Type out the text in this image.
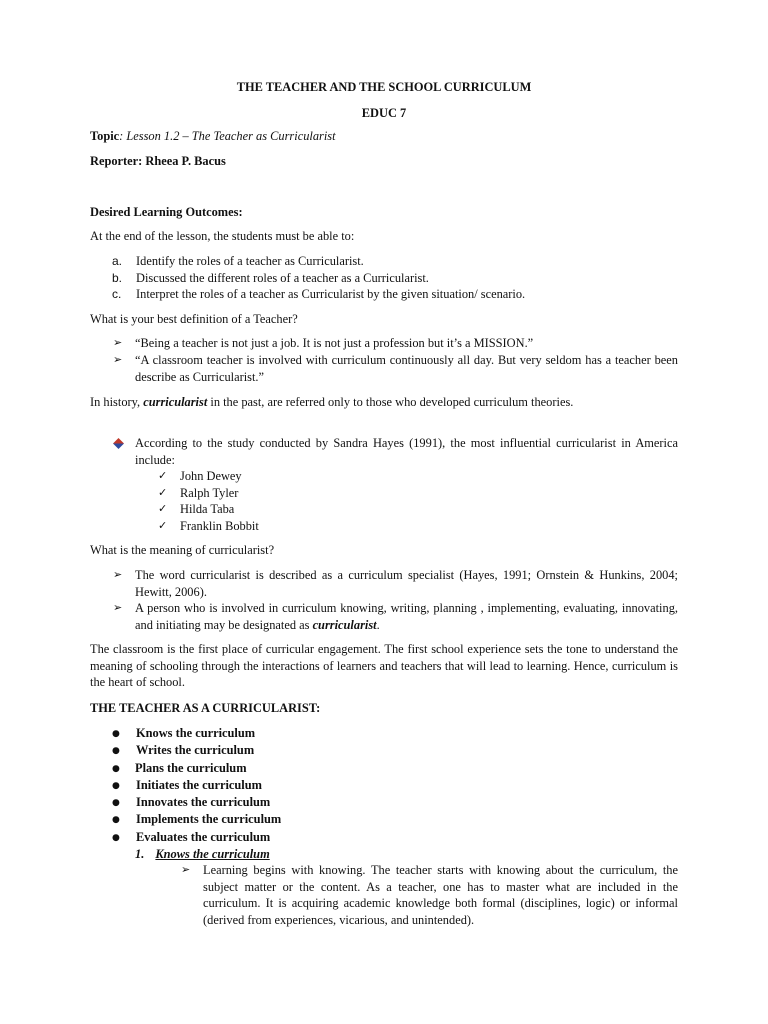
THE TEACHER AND THE SCHOOL CURRICULUM
EDUC 7
Topic: Lesson 1.2 – The Teacher as Curricularist
Reporter: Rheea P. Bacus
Desired Learning Outcomes:
At the end of the lesson, the students must be able to:
a. Identify the roles of a teacher as Curricularist.
b. Discussed the different roles of a teacher as a Curricularist.
c. Interpret the roles of a teacher as Curricularist by the given situation/ scenario.
What is your best definition of a Teacher?
➢ “Being a teacher is not just a job. It is not just a profession but it’s a MISSION.”
➢ “A classroom teacher is involved with curriculum continuously all day. But very seldom has a teacher been describe as Curricularist.”
In history, curricularist in the past, are referred only to those who developed curriculum theories.
According to the study conducted by Sandra Hayes (1991), the most influential curricularist in America include:
✓ John Dewey
✓ Ralph Tyler
✓ Hilda Taba
✓ Franklin Bobbit
What is the meaning of curricularist?
➢ The word curricularist is described as a curriculum specialist (Hayes, 1991; Ornstein & Hunkins, 2004; Hewitt, 2006).
➢ A person who is involved in curriculum knowing, writing, planning , implementing, evaluating, innovating, and initiating may be designated as curricularist.
The classroom is the first place of curricular engagement. The first school experience sets the tone to understand the meaning of schooling through the interactions of learners and teachers that will lead to learning. Hence, curriculum is the heart of school.
THE TEACHER AS A CURRICULARIST:
● Knows the curriculum
● Writes the curriculum
● Plans the curriculum
● Initiates the curriculum
● Innovates the curriculum
● Implements the curriculum
● Evaluates the curriculum
1. Knows the curriculum
➢ Learning begins with knowing. The teacher starts with knowing about the curriculum, the subject matter or the content. As a teacher, one has to master what are included in the curriculum. It is acquiring academic knowledge both formal (disciplines, logic) or informal (derived from experiences, vicarious, and unintended).
